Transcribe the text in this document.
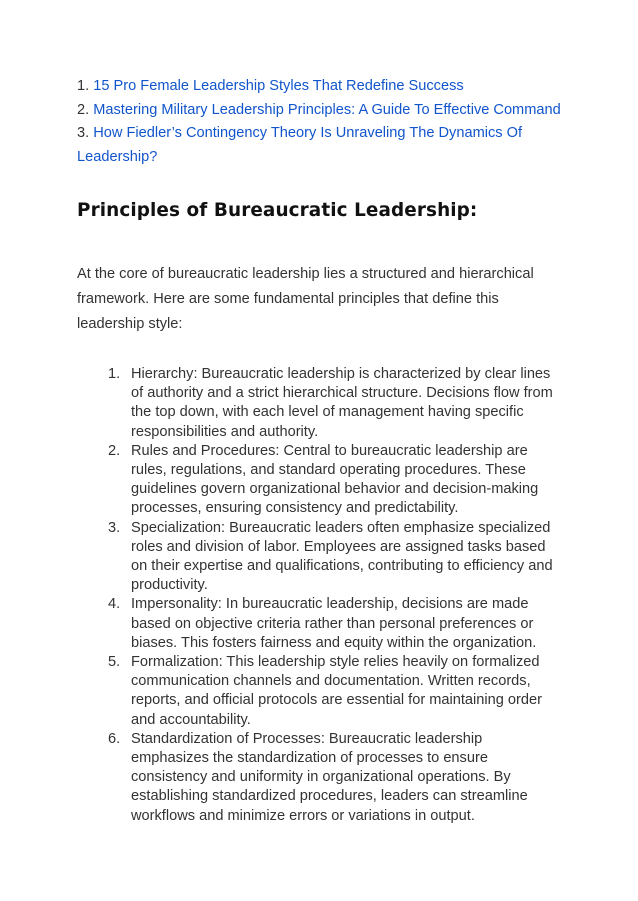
1. 15 Pro Female Leadership Styles That Redefine Success

2. Mastering Military Leadership Principles: A Guide To Effective Command

3. How Fiedler’s Contingency Theory Is Unraveling The Dynamics Of Leadership?

Principles of Bureaucratic Leadership:

At the core of bureaucratic leadership lies a structured and hierarchical framework. Here are some fundamental principles that define this leadership style:

1. Hierarchy: Bureaucratic leadership is characterized by clear lines of authority and a strict hierarchical structure. Decisions flow from the top down, with each level of management having specific responsibilities and authority.
2. Rules and Procedures: Central to bureaucratic leadership are rules, regulations, and standard operating procedures. These guidelines govern organizational behavior and decision-making processes, ensuring consistency and predictability.
3. Specialization: Bureaucratic leaders often emphasize specialized roles and division of labor. Employees are assigned tasks based on their expertise and qualifications, contributing to efficiency and productivity.
4. Impersonality: In bureaucratic leadership, decisions are made based on objective criteria rather than personal preferences or biases. This fosters fairness and equity within the organization.
5. Formalization: This leadership style relies heavily on formalized communication channels and documentation. Written records, reports, and official protocols are essential for maintaining order and accountability.
6. Standardization of Processes: Bureaucratic leadership emphasizes the standardization of processes to ensure consistency and uniformity in organizational operations. By establishing standardized procedures, leaders can streamline workflows and minimize errors or variations in output.
